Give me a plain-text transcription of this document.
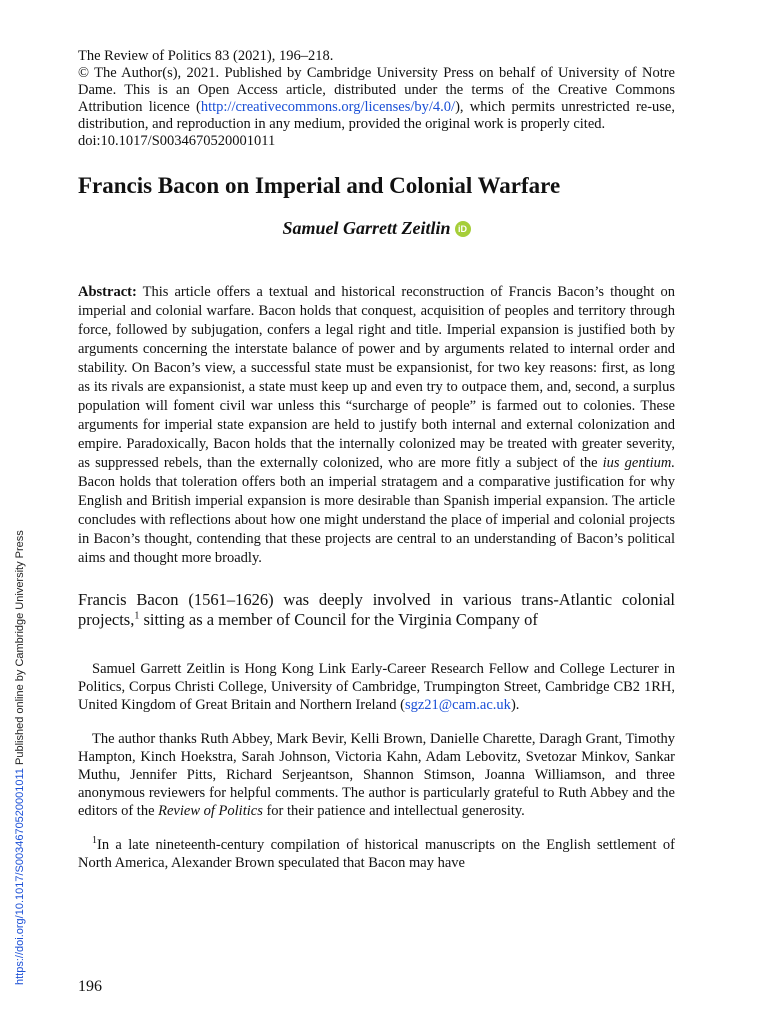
The Review of Politics 83 (2021), 196–218.
© The Author(s), 2021. Published by Cambridge University Press on behalf of University of Notre Dame. This is an Open Access article, distributed under the terms of the Creative Commons Attribution licence (http://creativecommons.org/licenses/by/4.0/), which permits unrestricted re-use, distribution, and reproduction in any medium, provided the original work is properly cited.
doi:10.1017/S0034670520001011
Francis Bacon on Imperial and Colonial Warfare
Samuel Garrett Zeitlin iD
Abstract: This article offers a textual and historical reconstruction of Francis Bacon’s thought on imperial and colonial warfare. Bacon holds that conquest, acquisition of peoples and territory through force, followed by subjugation, confers a legal right and title. Imperial expansion is justified both by arguments concerning the interstate balance of power and by arguments related to internal order and stability. On Bacon’s view, a successful state must be expansionist, for two key reasons: first, as long as its rivals are expansionist, a state must keep up and even try to outpace them, and, second, a surplus population will foment civil war unless this “surcharge of people” is farmed out to colonies. These arguments for imperial state expansion are held to justify both internal and external colonization and empire. Paradoxically, Bacon holds that the internally colonized may be treated with greater severity, as suppressed rebels, than the externally colonized, who are more fitly a subject of the ius gentium. Bacon holds that toleration offers both an imperial stratagem and a comparative justification for why English and British imperial expansion is more desirable than Spanish imperial expansion. The article concludes with reflections about how one might understand the place of imperial and colonial projects in Bacon’s thought, contending that these projects are central to an understanding of Bacon’s political aims and thought more broadly.
Francis Bacon (1561–1626) was deeply involved in various trans-Atlantic colonial projects,$^1$ sitting as a member of Council for the Virginia Company of

Samuel Garrett Zeitlin is Hong Kong Link Early-Career Research Fellow and College Lecturer in Politics, Corpus Christi College, University of Cambridge, Trumpington Street, Cambridge CB2 1RH, United Kingdom of Great Britain and Northern Ireland (sgz21@cam.ac.uk).

The author thanks Ruth Abbey, Mark Bevir, Kelli Brown, Danielle Charette, Daragh Grant, Timothy Hampton, Kinch Hoekstra, Sarah Johnson, Victoria Kahn, Adam Lebovitz, Svetozar Minkov, Sankar Muthu, Jennifer Pitts, Richard Serjeantson, Shannon Stimson, Joanna Williamson, and three anonymous reviewers for helpful comments. The author is particularly grateful to Ruth Abbey and the editors of the Review of Politics for their patience and intellectual generosity.

$^1$In a late nineteenth-century compilation of historical manuscripts on the English settlement of North America, Alexander Brown speculated that Bacon may have

196
https://doi.org/10.1017/S0034670520001011 Published online by Cambridge University Press
